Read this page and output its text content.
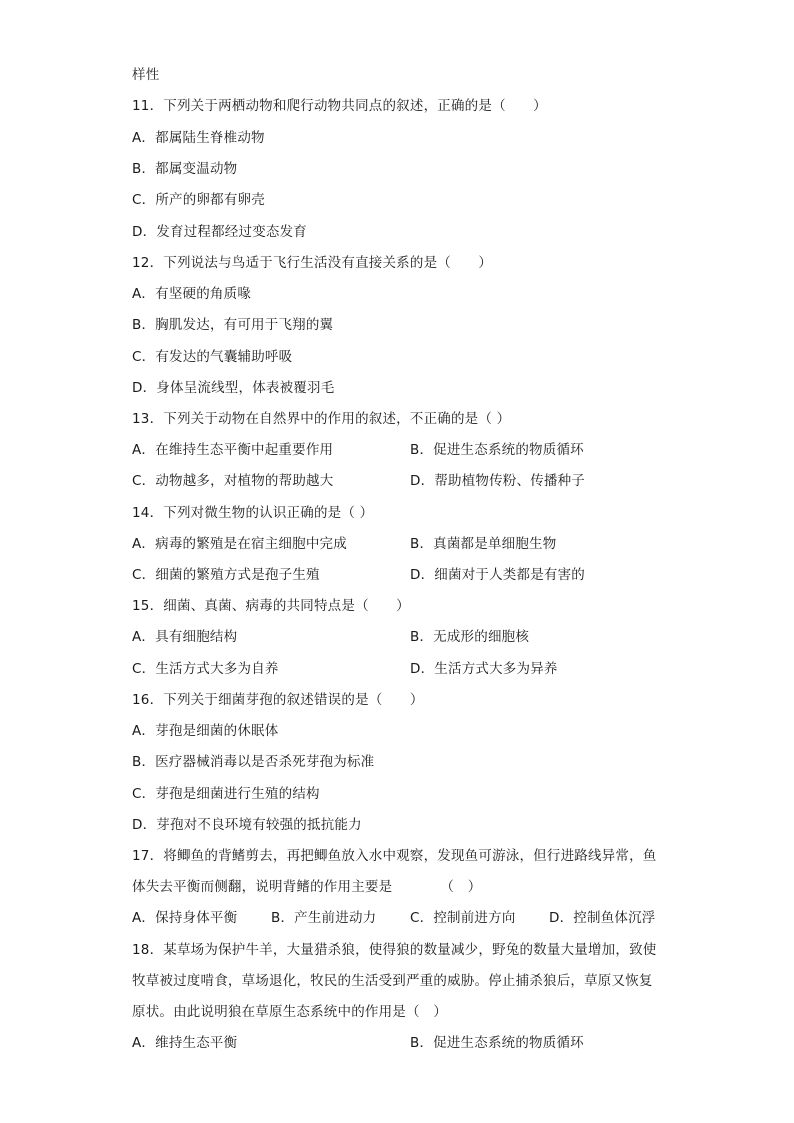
样性
11．下列关于两栖动物和爬行动物共同点的叙述，正确的是（　　）
A．都属陆生脊椎动物
B．都属变温动物
C．所产的卵都有卵壳
D．发育过程都经过变态发育
12．下列说法与鸟适于飞行生活没有直接关系的是（　　）
A．有坚硬的角质喙
B．胸肌发达，有可用于飞翔的翼
C．有发达的气囊辅助呼吸
D．身体呈流线型，体表被覆羽毛
13．下列关于动物在自然界中的作用的叙述，不正确的是（ ）
A．在维持生态平衡中起重要作用	B．促进生态系统的物质循环
C．动物越多，对植物的帮助越大	D．帮助植物传粉、传播种子
14．下列对微生物的认识正确的是（ ）
A．病毒的繁殖是在宿主细胞中完成	B．真菌都是单细胞生物
C．细菌的繁殖方式是孢子生殖	D．细菌对于人类都是有害的
15．细菌、真菌、病毒的共同特点是（　　）
A．具有细胞结构	B．无成形的细胞核
C．生活方式大多为自养	D．生活方式大多为异养
16．下列关于细菌芽孢的叙述错误的是（　　）
A．芽孢是细菌的休眠体
B．医疗器械消毒以是否杀死芽孢为标准
C．芽孢是细菌进行生殖的结构
D．芽孢对不良环境有较强的抵抗能力
17．将鲫鱼的背鳍剪去，再把鲫鱼放入水中观察，发现鱼可游泳，但行进路线异常，鱼
体失去平衡而侧翻，说明背鳍的作用主要是　　　　（　）
A．保持身体平衡 B．产生前进动力 C．控制前进方向 D．控制鱼体沉浮
18．某草场为保护牛羊，大量猎杀狼，使得狼的数量减少，野兔的数量大量增加，致使
牧草被过度啃食，草场退化，牧民的生活受到严重的威胁。停止捕杀狼后，草原又恢复
原状。由此说明狼在草原生态系统中的作用是（　）
A．维持生态平衡	B．促进生态系统的物质循环
